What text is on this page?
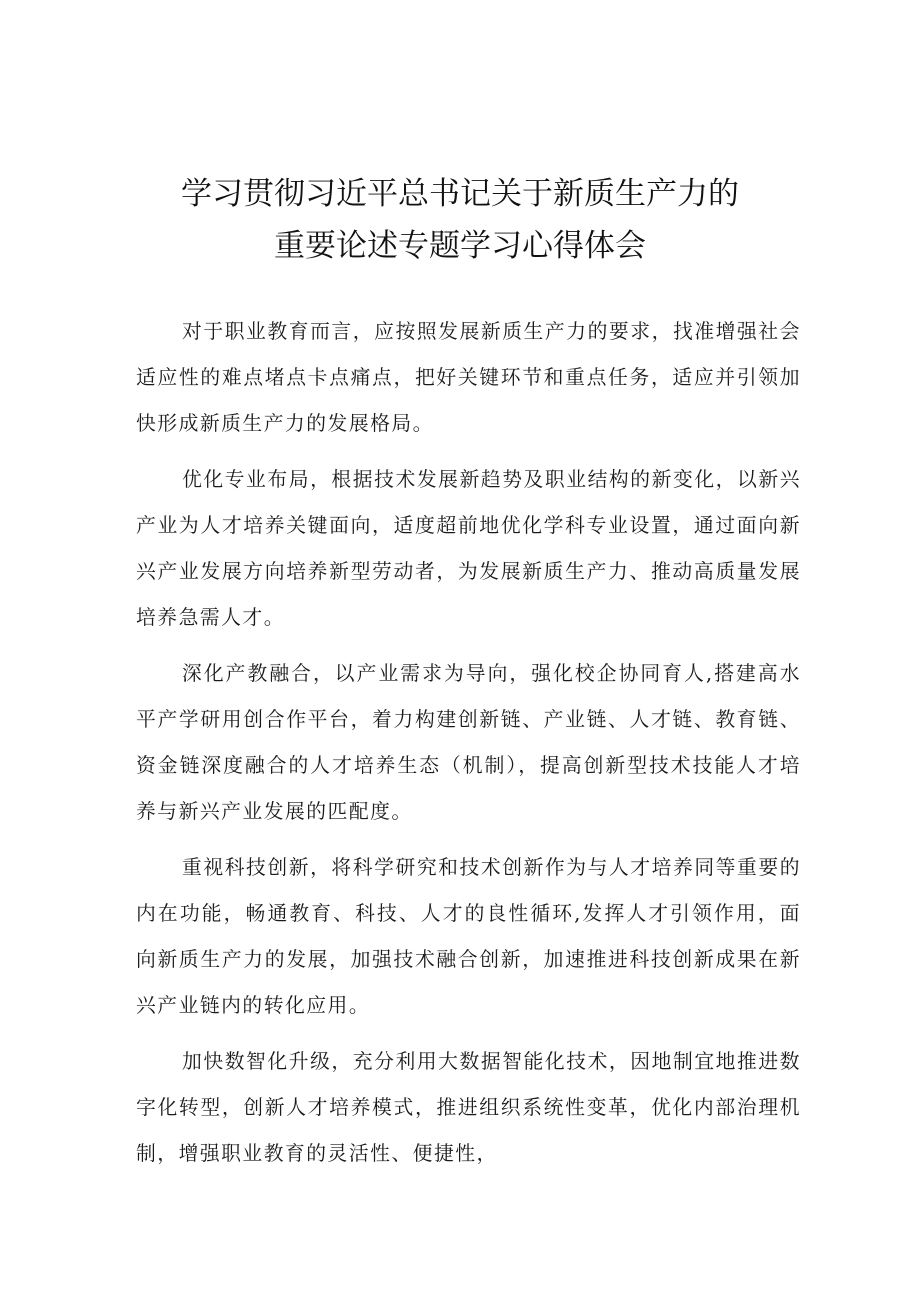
学习贯彻习近平总书记关于新质生产力的
重要论述专题学习心得体会

对于职业教育而言，应按照发展新质生产力的要求，找准增强社会适应性的难点堵点卡点痛点，把好关键环节和重点任务，适应并引领加快形成新质生产力的发展格局。

优化专业布局，根据技术发展新趋势及职业结构的新变化，以新兴产业为人才培养关键面向，适度超前地优化学科专业设置，通过面向新兴产业发展方向培养新型劳动者，为发展新质生产力、推动高质量发展培养急需人才。

深化产教融合，以产业需求为导向，强化校企协同育人,搭建高水平产学研用创合作平台，着力构建创新链、产业链、人才链、教育链、资金链深度融合的人才培养生态（机制），提高创新型技术技能人才培养与新兴产业发展的匹配度。

重视科技创新，将科学研究和技术创新作为与人才培养同等重要的内在功能，畅通教育、科技、人才的良性循环,发挥人才引领作用，面向新质生产力的发展，加强技术融合创新，加速推进科技创新成果在新兴产业链内的转化应用。

加快数智化升级，充分利用大数据智能化技术，因地制宜地推进数字化转型，创新人才培养模式，推进组织系统性变革，优化内部治理机制，增强职业教育的灵活性、便捷性，
